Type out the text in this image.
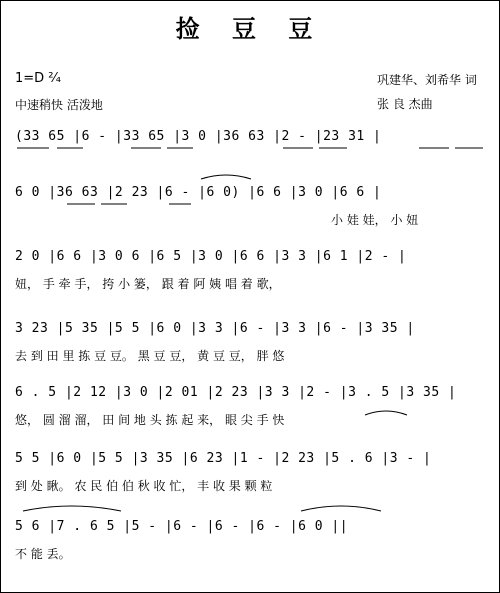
捡 豆 豆
1=D ²⁄₄
中速稍快 活泼地
巩建华、刘希华 词
张 良 杰曲
(33 65 |6 - |33 65 |3 0 |36 63 |2 - |23 31 |
6 0 |36 63 |2 23 |6 - |6 0) |6 6 |3 0 |6 6 |
小 娃 娃， 小 妞
2 0 |6 6 |3 0 6 |6 5 |3 0 |6 6 |3 3 |6 1 |2 - |
妞， 手 牵 手， 挎 小 篓， 跟 着 阿 姨 唱 着 歌，
3 23 |5 35 |5 5 |6 0 |3 3 |6 - |3 3 |6 - |3 35 |
去 到 田 里 拣 豆 豆。 黑 豆 豆， 黄 豆 豆， 胖 悠
6 . 5 |2 12 |3 0 |2 01 |2 23 |3 3 |2 - |3 . 5 |3 35 |
悠， 圆 溜 溜， 田 间 地 头 拣 起 来， 眼 尖 手 快
5 5 |6 0 |5 5 |3 35 |6 23 |1 - |2 23 |5 . 6 |3 - |
到 处 瞅。 农 民 伯 伯 秋 收 忙， 丰 收 果 颗 粒
5 6 |7 . 6 5 |5 - |6 - |6 - |6 - |6 0 ||
不 能 丢。
